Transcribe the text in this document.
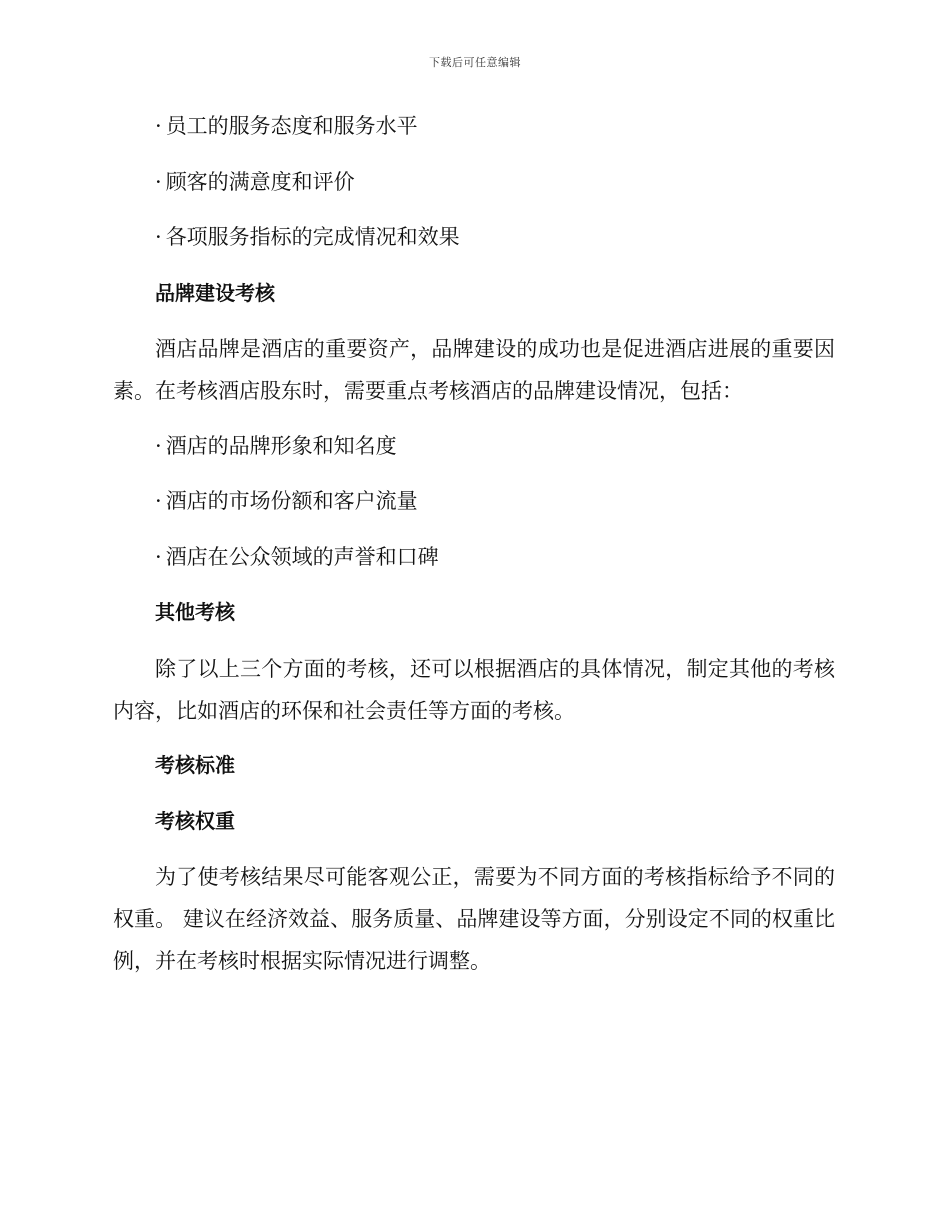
下载后可任意编辑

· 员工的服务态度和服务水平

· 顾客的满意度和评价

· 各项服务指标的完成情况和效果

品牌建设考核

酒店品牌是酒店的重要资产，品牌建设的成功也是促进酒店进展的重要因素。在考核酒店股东时，需要重点考核酒店的品牌建设情况，包括：

· 酒店的品牌形象和知名度

· 酒店的市场份额和客户流量

· 酒店在公众领域的声誉和口碑

其他考核

除了以上三个方面的考核，还可以根据酒店的具体情况，制定其他的考核内容，比如酒店的环保和社会责任等方面的考核。

考核标准
考核权重

为了使考核结果尽可能客观公正，需要为不同方面的考核指标给予不同的权重。 建议在经济效益、服务质量、品牌建设等方面，分别设定不同的权重比例，并在考核时根据实际情况进行调整。
